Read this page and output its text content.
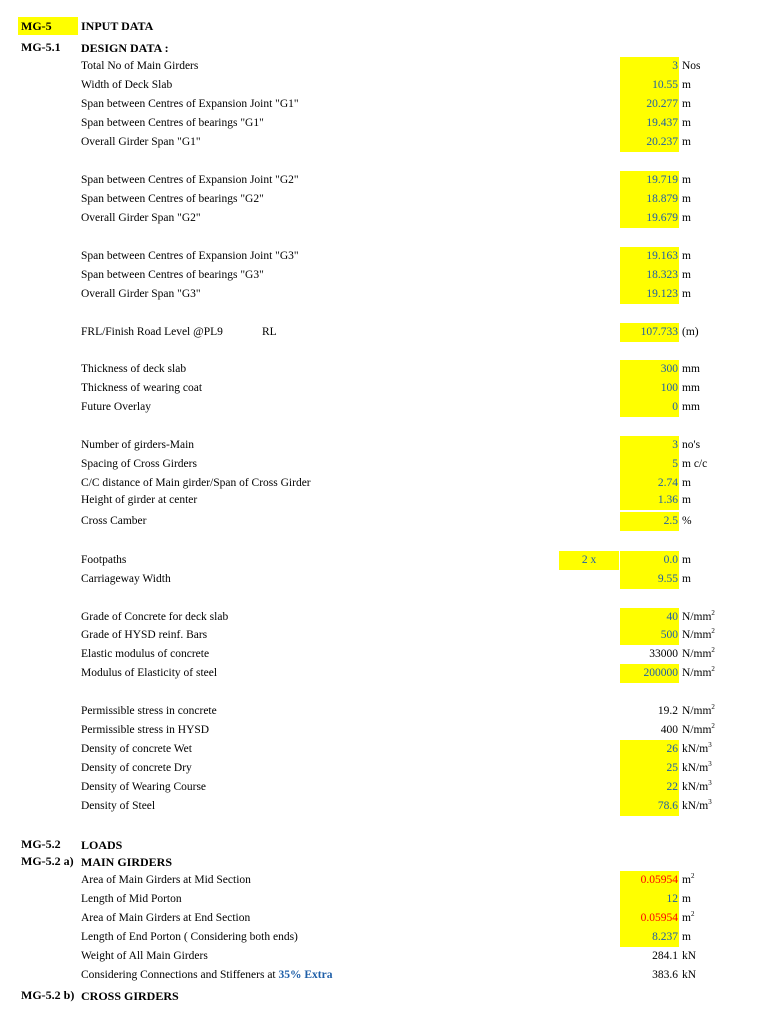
MG-5	INPUT DATA
MG-5.1	DESIGN DATA :
Total No of Main Girders	3 Nos
Width of Deck Slab	10.55 m
Span between Centres of Expansion Joint "G1"	20.277 m
Span between Centres of bearings "G1"	19.437 m
Overall Girder Span "G1"	20.237 m
Span between Centres of Expansion Joint "G2"	19.719 m
Span between Centres of bearings "G2"	18.879 m
Overall Girder Span "G2"	19.679 m
Span between Centres of Expansion Joint "G3"	19.163 m
Span between Centres of bearings "G3"	18.323 m
Overall Girder Span "G3"	19.123 m
FRL/Finish Road Level @PL9	RL	107.733 (m)
Thickness of deck slab	300 mm
Thickness of wearing coat	100 mm
Future Overlay	0 mm
Number of girders-Main	3 no's
Spacing of Cross Girders	5 m c/c
C/C distance of Main girder/Span of Cross Girder	2.74 m
Height of girder at center	1.36 m
Cross Camber	2.5 %
Footpaths	2 x	0.0 m
Carriageway Width	9.55 m
Grade of Concrete for deck slab	40 $N/mm^2$
Grade of HYSD reinf. Bars	500 $N/mm^2$
Elastic modulus of concrete	33000 $N/mm^2$
Modulus of Elasticity of steel	200000 $N/mm^2$
Permissible stress in concrete	19.2 $N/mm^2$
Permissible stress in HYSD	400 $N/mm^2$
Density of concrete Wet	26 $kN/m^3$
Density of concrete Dry	25 $kN/m^3$
Density of Wearing Course	22 $kN/m^3$
Density of Steel	78.6 $kN/m^3$
MG-5.2	LOADS
MG-5.2 a) MAIN GIRDERS
Area of Main Girders at Mid Section	0.05954 $m^2$
Length of Mid Porton	12 m
Area of Main Girders at End Section	0.05954 $m^2$
Length of End Porton ( Considering both ends)	8.237 m
Weight of All Main Girders	284.1 kN
Considering Connections and Stiffeners at 35% Extra	383.6 kN
MG-5.2 b) CROSS GIRDERS
